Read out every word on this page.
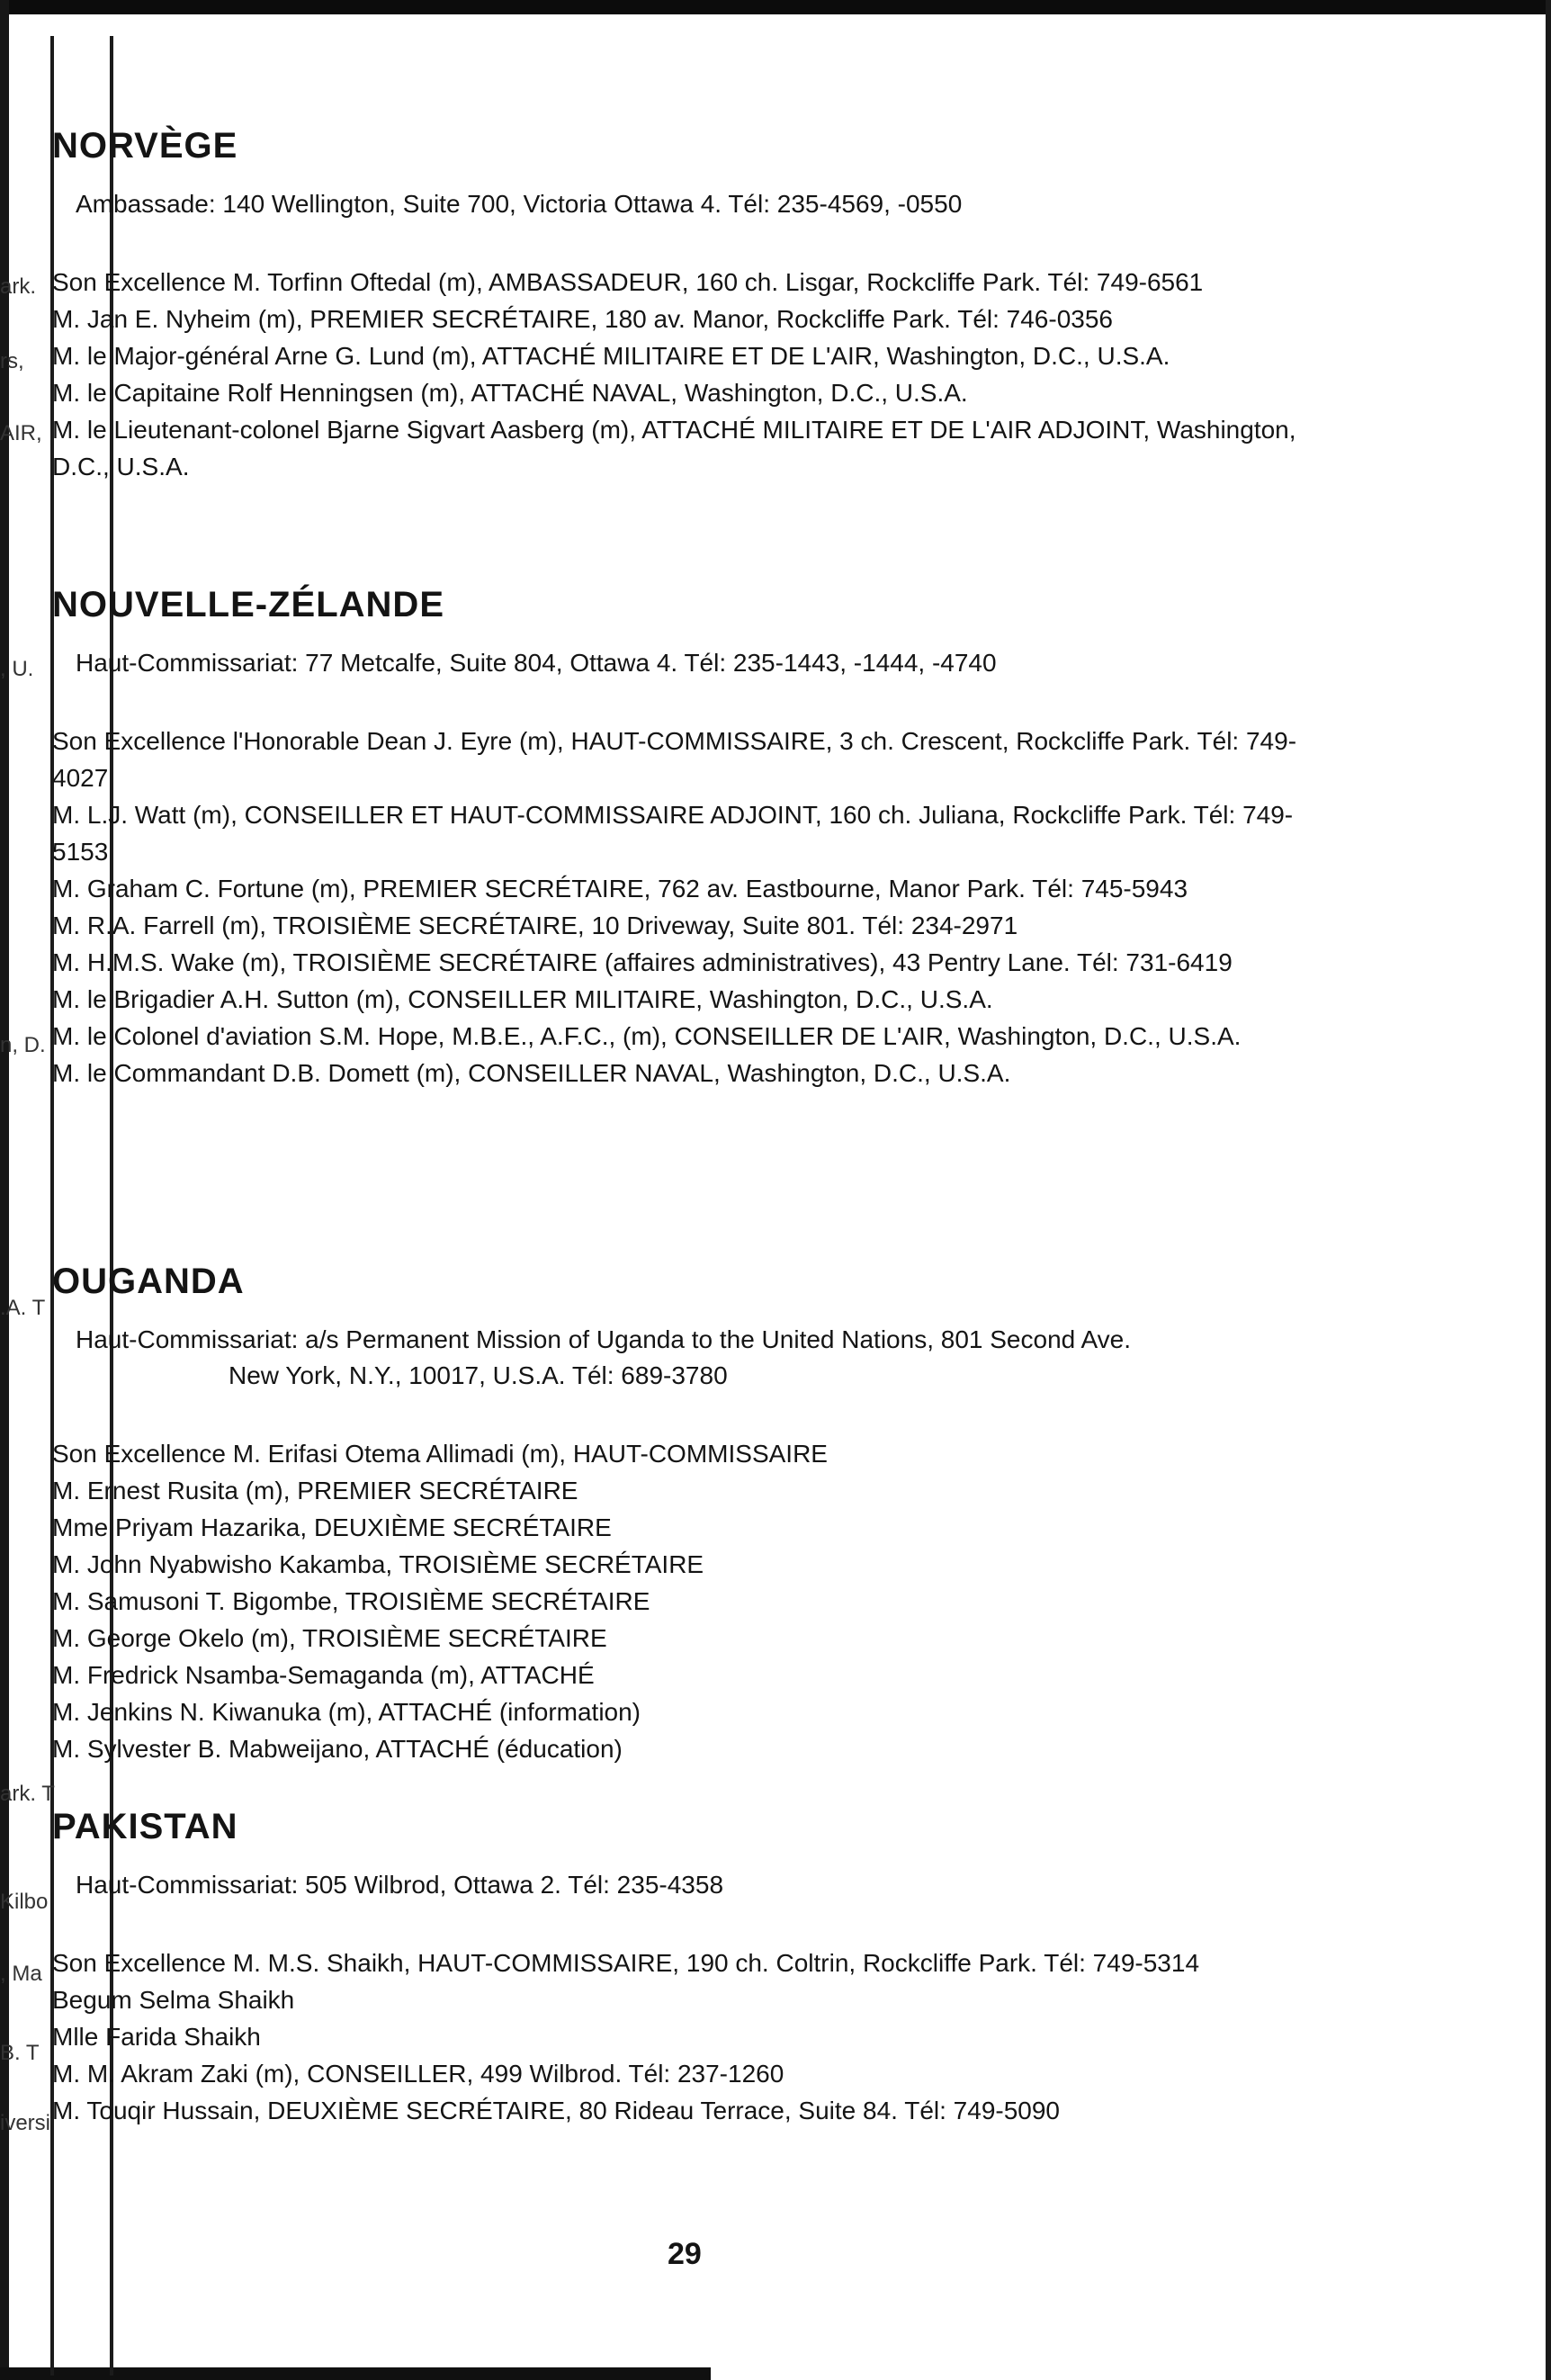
ark.
rs,
AIR,
, U.
n, D.
.A. T
ark. T
Kilbo
, Ma
B. T
iversi
NORVÈGE
Ambassade: 140 Wellington, Suite 700, Victoria Ottawa 4. Tél: 235-4569, -0550

Son Excellence M. Torfinn Oftedal (m), AMBASSADEUR, 160 ch. Lisgar, Rockcliffe Park. Tél: 749-6561

M. Jan E. Nyheim (m), PREMIER SECRÉTAIRE, 180 av. Manor, Rockcliffe Park. Tél: 746-0356

M. le Major-général Arne G. Lund (m), ATTACHÉ MILITAIRE ET DE L'AIR, Washington, D.C., U.S.A.

M. le Capitaine Rolf Henningsen (m), ATTACHÉ NAVAL, Washington, D.C., U.S.A.

M. le Lieutenant-colonel Bjarne Sigvart Aasberg (m), ATTACHÉ MILITAIRE ET DE L'AIR ADJOINT, Washington, D.C., U.S.A.

NOUVELLE-ZÉLANDE
Haut-Commissariat: 77 Metcalfe, Suite 804, Ottawa 4. Tél: 235-1443, -1444, -4740

Son Excellence l'Honorable Dean J. Eyre (m), HAUT-COMMISSAIRE, 3 ch. Crescent, Rockcliffe Park. Tél: 749-4027

M. L.J. Watt (m), CONSEILLER ET HAUT-COMMISSAIRE ADJOINT, 160 ch. Juliana, Rockcliffe Park. Tél: 749-5153

M. Graham C. Fortune (m), PREMIER SECRÉTAIRE, 762 av. Eastbourne, Manor Park. Tél: 745-5943

M. R.A. Farrell (m), TROISIÈME SECRÉTAIRE, 10 Driveway, Suite 801. Tél: 234-2971

M. H.M.S. Wake (m), TROISIÈME SECRÉTAIRE (affaires administratives), 43 Pentry Lane. Tél: 731-6419

M. le Brigadier A.H. Sutton (m), CONSEILLER MILITAIRE, Washington, D.C., U.S.A.

M. le Colonel d'aviation S.M. Hope, M.B.E., A.F.C., (m), CONSEILLER DE L'AIR, Washington, D.C., U.S.A.

M. le Commandant D.B. Domett (m), CONSEILLER NAVAL, Washington, D.C., U.S.A.

OUGANDA
Haut-Commissariat: a/s Permanent Mission of Uganda to the United Nations, 801 Second Ave.
New York, N.Y., 10017, U.S.A. Tél: 689-3780

Son Excellence M. Erifasi Otema Allimadi (m), HAUT-COMMISSAIRE

M. Ernest Rusita (m), PREMIER SECRÉTAIRE

Mme Priyam Hazarika, DEUXIÈME SECRÉTAIRE

M. John Nyabwisho Kakamba, TROISIÈME SECRÉTAIRE

M. Samusoni T. Bigombe, TROISIÈME SECRÉTAIRE

M. George Okelo (m), TROISIÈME SECRÉTAIRE

M. Fredrick Nsamba-Semaganda (m), ATTACHÉ

M. Jenkins N. Kiwanuka (m), ATTACHÉ (information)

M. Sylvester B. Mabweijano, ATTACHÉ (éducation)

PAKISTAN
Haut-Commissariat: 505 Wilbrod, Ottawa 2. Tél: 235-4358

Son Excellence M. M.S. Shaikh, HAUT-COMMISSAIRE, 190 ch. Coltrin, Rockcliffe Park. Tél: 749-5314

Begum Selma Shaikh

Mlle Farida Shaikh

M. M. Akram Zaki (m), CONSEILLER, 499 Wilbrod. Tél: 237-1260

M. Touqir Hussain, DEUXIÈME SECRÉTAIRE, 80 Rideau Terrace, Suite 84. Tél: 749-5090

29
